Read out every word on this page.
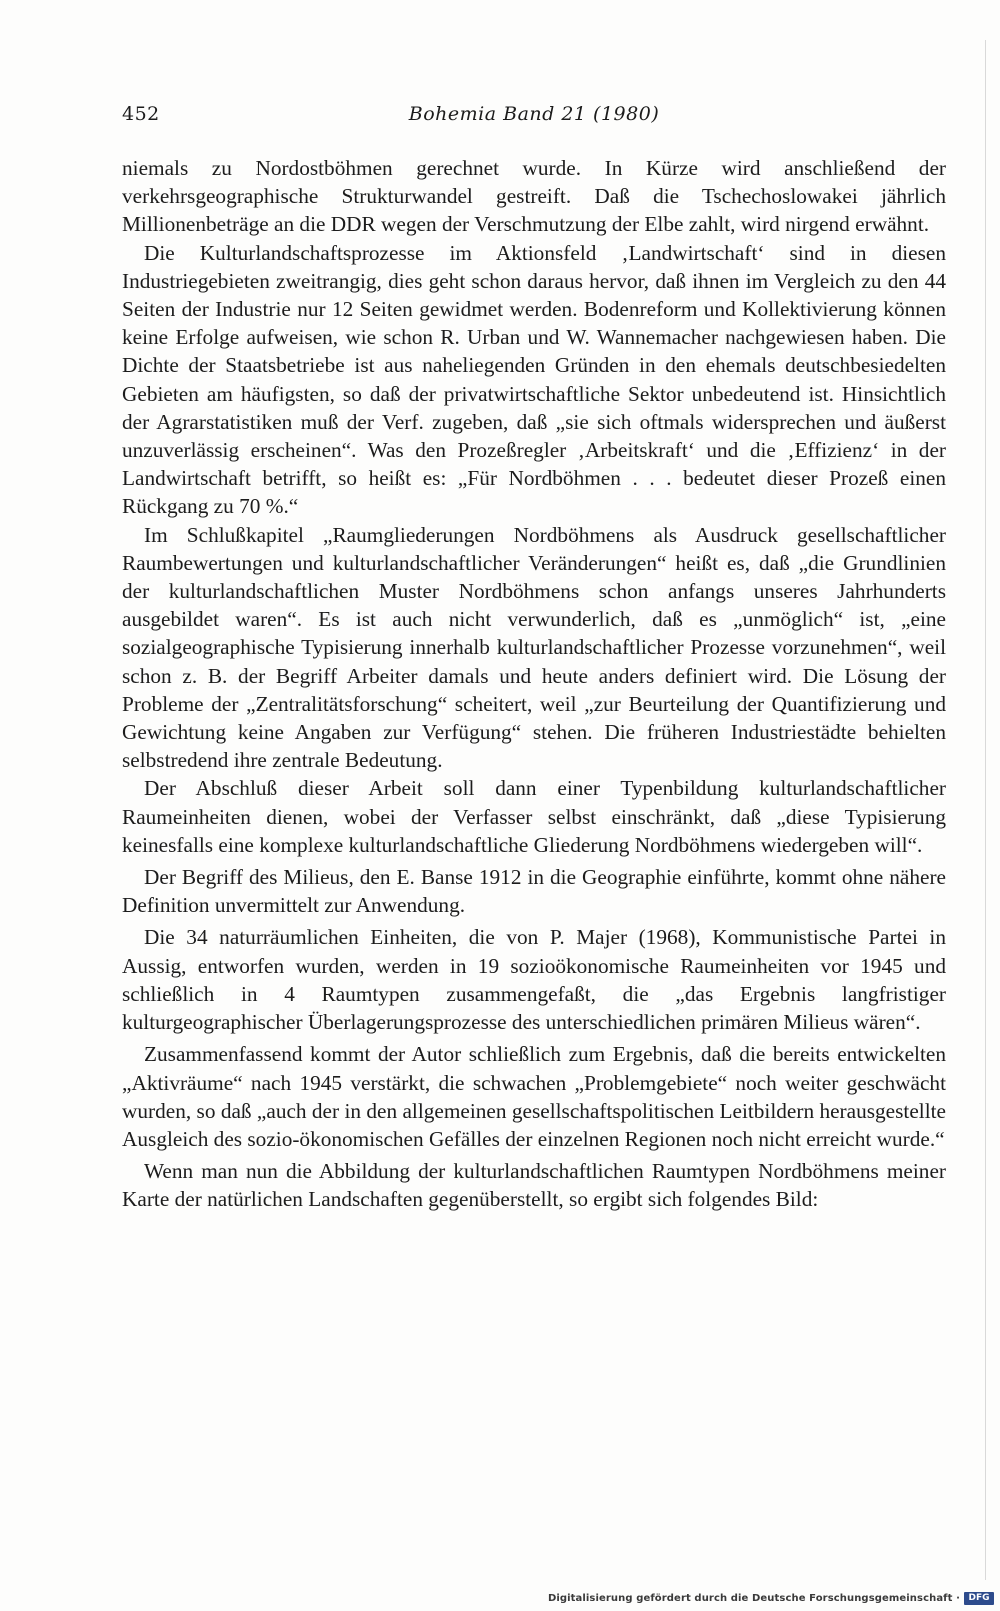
452	Bohemia Band 21 (1980)

niemals zu Nordostböhmen gerechnet wurde. In Kürze wird anschließend der verkehrsgeographische Strukturwandel gestreift. Daß die Tschechoslowakei jährlich Millionenbeträge an die DDR wegen der Verschmutzung der Elbe zahlt, wird nirgend erwähnt.

Die Kulturlandschaftsprozesse im Aktionsfeld ‚Landwirtschaft‘ sind in diesen Industriegebieten zweitrangig, dies geht schon daraus hervor, daß ihnen im Vergleich zu den 44 Seiten der Industrie nur 12 Seiten gewidmet werden. Bodenreform und Kollektivierung können keine Erfolge aufweisen, wie schon R. Urban und W. Wannemacher nachgewiesen haben. Die Dichte der Staatsbetriebe ist aus naheliegenden Gründen in den ehemals deutschbesiedelten Gebieten am häufigsten, so daß der privatwirtschaftliche Sektor unbedeutend ist. Hinsichtlich der Agrarstatistiken muß der Verf. zugeben, daß „sie sich oftmals widersprechen und äußerst unzuverlässig erscheinen“. Was den Prozeßregler ‚Arbeitskraft‘ und die ‚Effizienz‘ in der Landwirtschaft betrifft, so heißt es: „Für Nordböhmen . . . bedeutet dieser Prozeß einen Rückgang zu 70 %.“

Im Schlußkapitel „Raumgliederungen Nordböhmens als Ausdruck gesellschaftlicher Raumbewertungen und kulturlandschaftlicher Veränderungen“ heißt es, daß „die Grundlinien der kulturlandschaftlichen Muster Nordböhmens schon anfangs unseres Jahrhunderts ausgebildet waren“. Es ist auch nicht verwunderlich, daß es „unmöglich“ ist, „eine sozialgeographische Typisierung innerhalb kulturlandschaftlicher Prozesse vorzunehmen“, weil schon z. B. der Begriff Arbeiter damals und heute anders definiert wird. Die Lösung der Probleme der „Zentralitätsforschung“ scheitert, weil „zur Beurteilung der Quantifizierung und Gewichtung keine Angaben zur Verfügung“ stehen. Die früheren Industriestädte behielten selbstredend ihre zentrale Bedeutung.

Der Abschluß dieser Arbeit soll dann einer Typenbildung kulturlandschaftlicher Raumeinheiten dienen, wobei der Verfasser selbst einschränkt, daß „diese Typisierung keinesfalls eine komplexe kulturlandschaftliche Gliederung Nordböhmens wiedergeben will“.

Der Begriff des Milieus, den E. Banse 1912 in die Geographie einführte, kommt ohne nähere Definition unvermittelt zur Anwendung.

Die 34 naturräumlichen Einheiten, die von P. Majer (1968), Kommunistische Partei in Aussig, entworfen wurden, werden in 19 sozioökonomische Raumeinheiten vor 1945 und schließlich in 4 Raumtypen zusammengefaßt, die „das Ergebnis langfristiger kulturgeographischer Überlagerungsprozesse des unterschiedlichen primären Milieus wären“.

Zusammenfassend kommt der Autor schließlich zum Ergebnis, daß die bereits entwickelten „Aktivräume“ nach 1945 verstärkt, die schwachen „Problemgebiete“ noch weiter geschwächt wurden, so daß „auch der in den allgemeinen gesellschaftspolitischen Leitbildern herausgestellte Ausgleich des sozio-ökonomischen Gefälles der einzelnen Regionen noch nicht erreicht wurde.“

Wenn man nun die Abbildung der kulturlandschaftlichen Raumtypen Nordböhmens meiner Karte der natürlichen Landschaften gegenüberstellt, so ergibt sich folgendes Bild:

Digitalisierung gefördert durch die Deutsche Forschungsgemeinschaft · DFG
